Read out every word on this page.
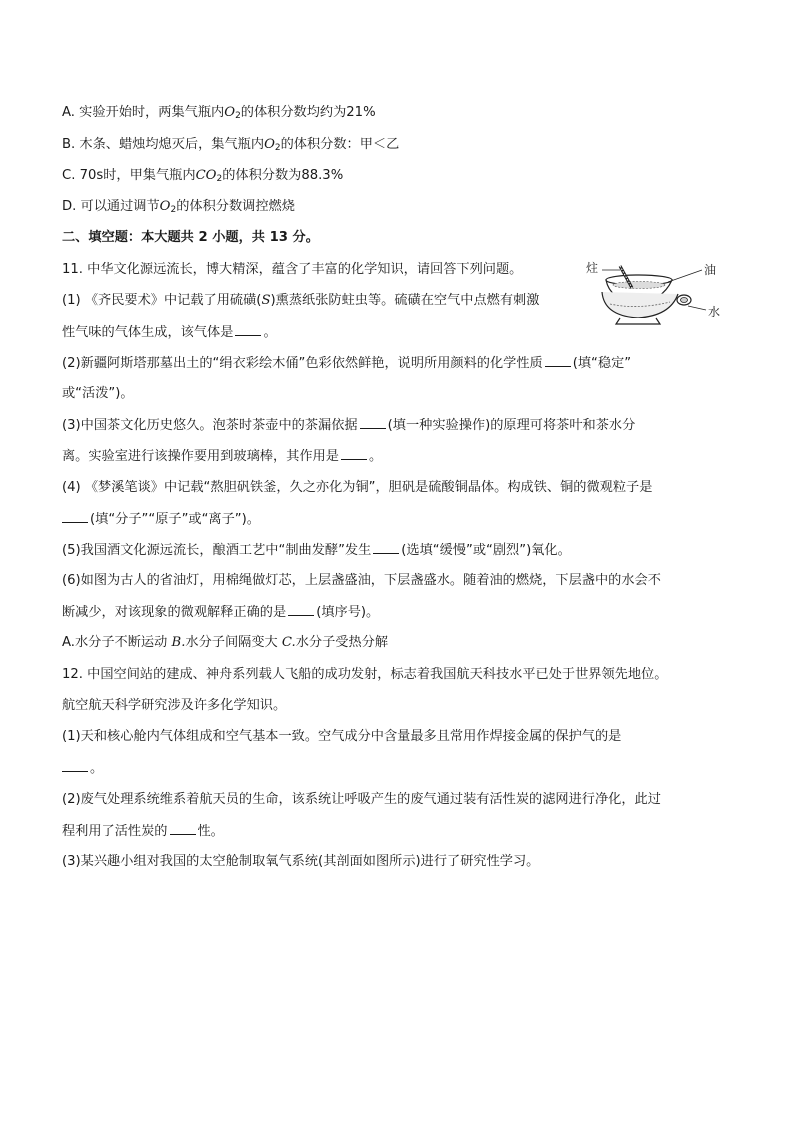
A. 实验开始时，两集气瓶内$O_2$的体积分数均约为21%
B. 木条、蜡烛均熄灭后，集气瓶内$O_2$的体积分数：甲＜乙
C. 70s时，甲集气瓶内$CO_2$的体积分数为88.3%
D. 可以通过调节$O_2$的体积分数调控燃烧
二、填空题：本大题共 2 小题，共 13 分。
11. 中华文化源远流长，博大精深，蕴含了丰富的化学知识，请回答下列问题。
(1) 《齐民要术》中记载了用硫磺(S)熏蒸纸张防蛀虫等。硫磺在空气中点燃有刺激
性气味的气体生成，该气体是 。
(2)新疆阿斯塔那墓出土的“绢衣彩绘木俑”色彩依然鲜艳，说明所用颜料的化学性质 (填“稳定”
或“活泼”)。
(3)中国茶文化历史悠久。泡茶时茶壶中的茶漏依据 (填一种实验操作)的原理可将茶叶和茶水分
离。实验室进行该操作要用到玻璃棒，其作用是 。
(4) 《梦溪笔谈》中记载“熬胆矾铁釜，久之亦化为铜”，胆矾是硫酸铜晶体。构成铁、铜的微观粒子是
(填“分子”“原子”或“离子”)。
(5)我国酒文化源远流长，酿酒工艺中“制曲发酵”发生 (选填“缓慢”或“剧烈”)氧化。
(6)如图为古人的省油灯，用棉绳做灯芯，上层盏盛油，下层盏盛水。随着油的燃烧，下层盏中的水会不
断减少，对该现象的微观解释正确的是 (填序号)。
A.水分子不断运动 B.水分子间隔变大 C.水分子受热分解
炷	油
水
12. 中国空间站的建成、神舟系列载人飞船的成功发射，标志着我国航天科技水平已处于世界领先地位。
航空航天科学研究涉及许多化学知识。
(1)天和核心舱内气体组成和空气基本一致。空气成分中含量最多且常用作焊接金属的保护气的是
。
(2)废气处理系统维系着航天员的生命，该系统让呼吸产生的废气通过装有活性炭的滤网进行净化，此过
程利用了活性炭的 性。
(3)某兴趣小组对我国的太空舱制取氧气系统(其剖面如图所示)进行了研究性学习。
